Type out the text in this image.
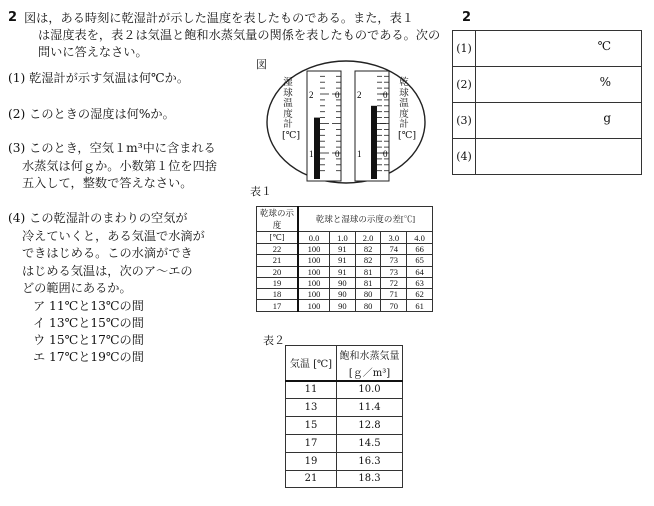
2 図は，ある時刻に乾湿計が示した温度を表したものである。また，表１
は湿度表を，表２は気温と飽和水蒸気量の関係を表したものである。次の
問いに答えなさい。
(1) 乾湿計が示す気温は何℃か。
(2) このときの湿度は何%か。
(3) このとき，空気１m³中に含まれる
水蒸気は何ｇか。小数第１位を四捨
五入して，整数で答えなさい。
(4) この乾湿計のまわりの空気が
冷えていくと，ある気温で水滴が
できはじめる。この水滴ができ
はじめる気温は，次のア～エの
どの範囲にあるか。
ア 11℃と13℃の間
イ 13℃と15℃の間
ウ 15℃と17℃の間
エ 17℃と19℃の間
図
2 0
1 0
2 0
1 0
湿球温度計[℃]
乾球温度計[℃]
表１
乾球の示度	乾球と湿球の示度の差[℃]				
[℃]	0.0	1.0	2.0	3.0	4.0
22	100	91	82	74	66
21	100	91	82	73	65
20	100	91	81	73	64
19	100	90	81	72	63
18	100	90	80	71	62
17	100	90	80	70	61
表２
気温 [℃]	飽和水蒸気量
	[ｇ／m³]
11	10.0
13	11.4
15	12.8
17	14.5
19	16.3
21	18.3
2
(1)	℃

(2)	%

(3)	g

(4)	
